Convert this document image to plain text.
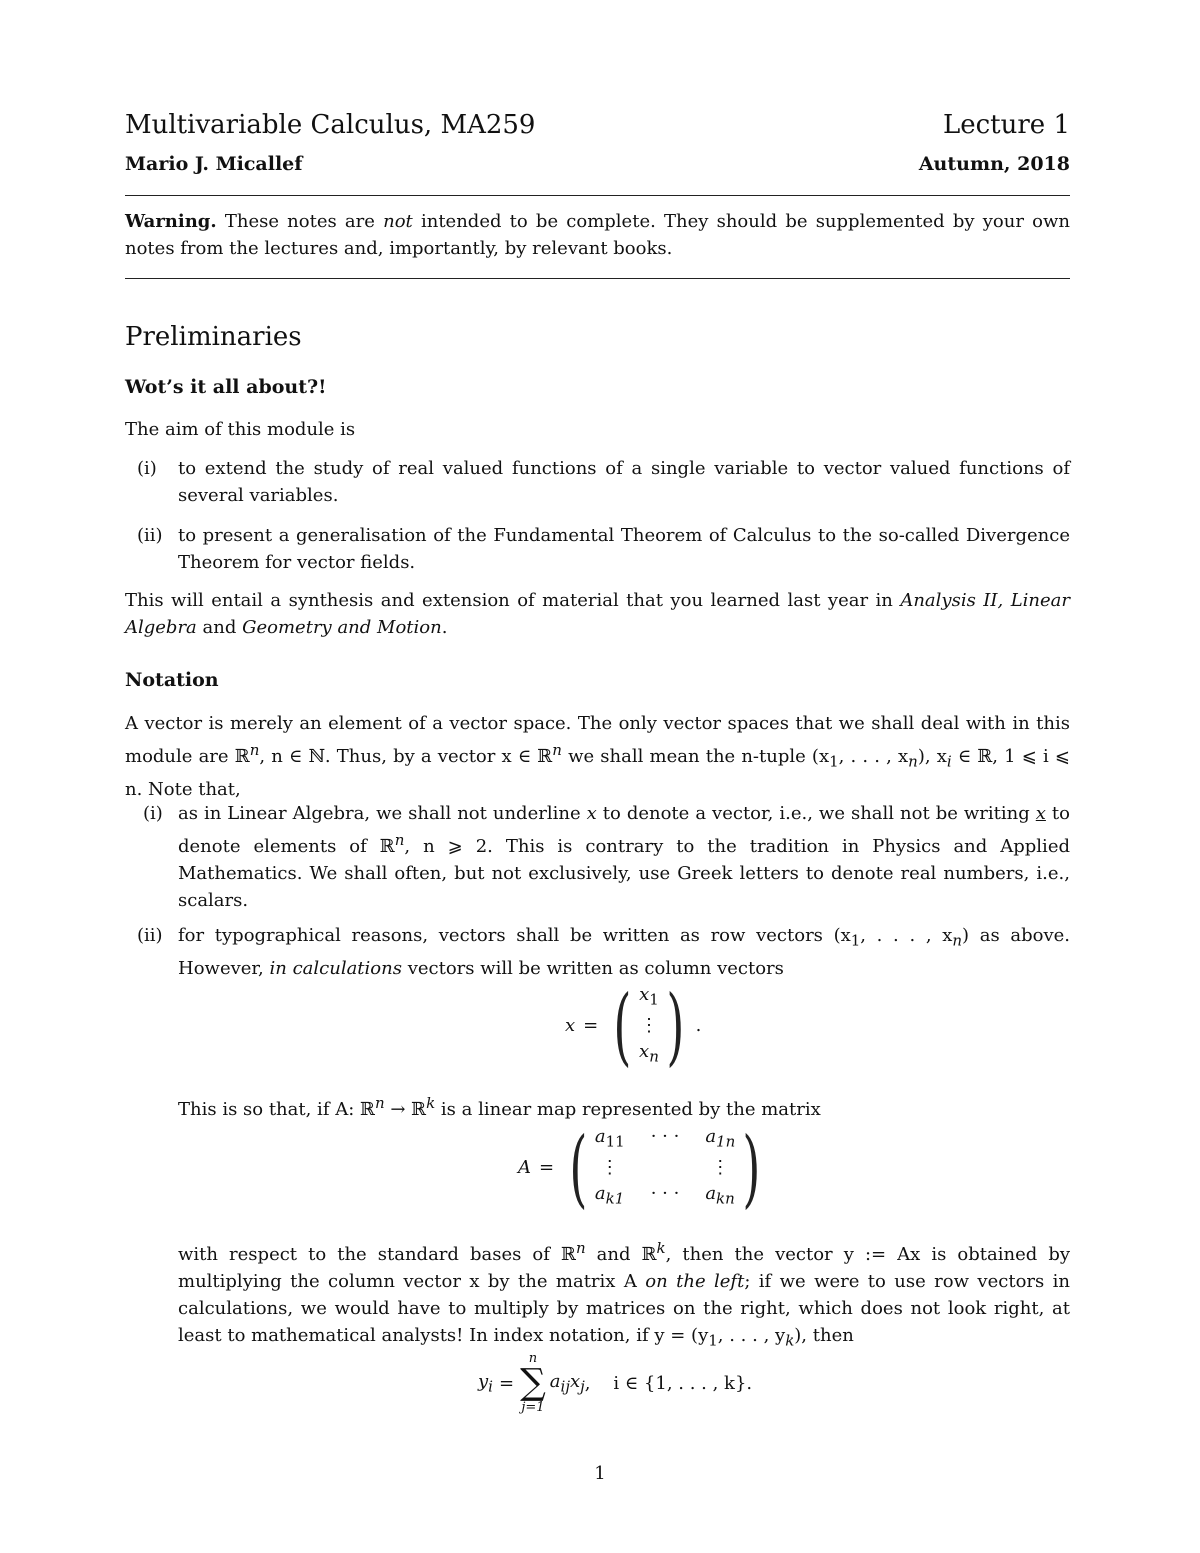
Multivariable Calculus, MA259	Lecture 1
Mario J. Micallef	Autumn, 2018
Warning. These notes are not intended to be complete. They should be supplemented by your own notes from the lectures and, importantly, by relevant books.
Preliminaries
Wot’s it all about?!
The aim of this module is
(i) to extend the study of real valued functions of a single variable to vector valued functions of several variables.
(ii) to present a generalisation of the Fundamental Theorem of Calculus to the so-called Divergence Theorem for vector fields.
This will entail a synthesis and extension of material that you learned last year in Analysis II, Linear Algebra and Geometry and Motion.
Notation
A vector is merely an element of a vector space. The only vector spaces that we shall deal with in this module are ℝ$^n$, n ∈ ℕ. Thus, by a vector x ∈ ℝ$^n$ we shall mean the n-tuple ($x_1$, . . . , $x_n$), $x_i$ ∈ ℝ, 1 ⩽ i ⩽ n. Note that,
(i) as in Linear Algebra, we shall not underline x to denote a vector, i.e., we shall not be writing x to denote elements of ℝ$^n$, n ⩾ 2. This is contrary to the tradition in Physics and Applied Mathematics. We shall often, but not exclusively, use Greek letters to denote real numbers, i.e., scalars.
(ii) for typographical reasons, vectors shall be written as row vectors ($x_1$, . . . , $x_n$) as above. However, in calculations vectors will be written as column vectors
x = ( $x_1$
⋮
$x_n$ ) .
This is so that, if A: ℝ$^n$ → ℝ$^k$ is a linear map represented by the matrix
A = ( $a_{11}$ · · · $a_{1n}$
⋮	⋮
$a_{k1}$ · · · $a_{kn}$ )
with respect to the standard bases of ℝ$^n$ and ℝ$^k$, then the vector y := Ax is obtained by multiplying the column vector x by the matrix A on the left; if we were to use row vectors in calculations, we would have to multiply by matrices on the right, which does not look right, at least to mathematical analysts! In index notation, if $y = (y_1$, . . . , $y_k$), then
$y_i$ =
n
∑
j=1
$a_{ij}x_j$ ,    i ∈ {1, . . . , k}.
1
